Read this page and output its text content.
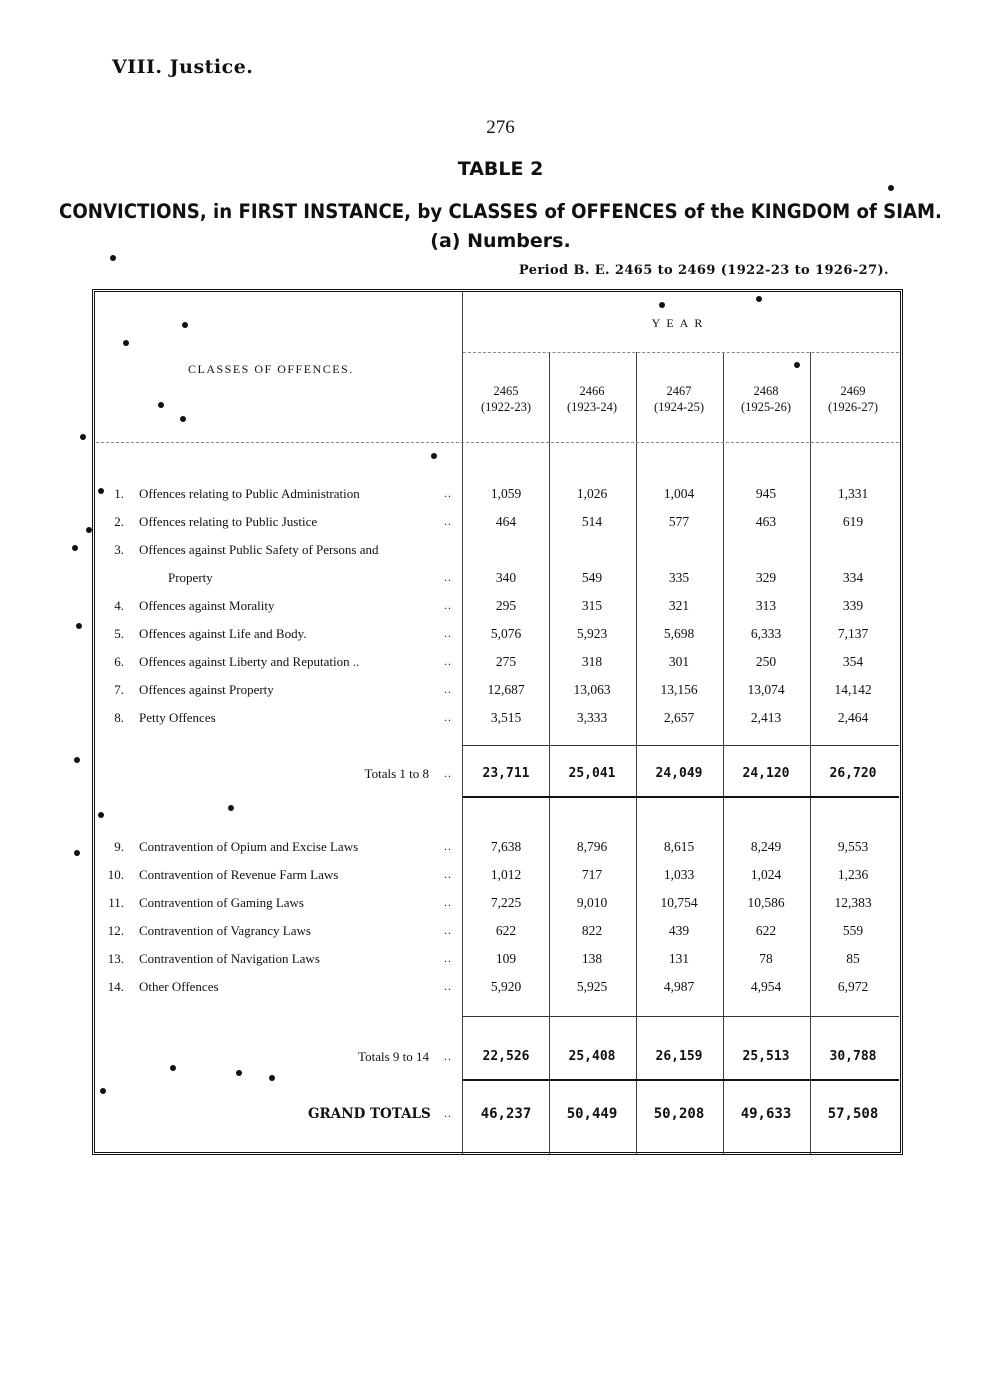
VIII. Justice.
276
TABLE 2
CONVICTIONS, in FIRST INSTANCE, by CLASSES of OFFENCES of the KINGDOM of SIAM.
(a) Numbers.
Period B. E. 2465 to 2469 (1922-23 to 1926-27).
YEAR
CLASSES OF OFFENCES.
2465
(1922-23)
2466
(1923-24)
2467
(1924-25)
2468
(1925-26)
2469
(1926-27)
1. Offences relating to Public Administration	..	1,059	1,026	1,004	945	1,331
2. Offences relating to Public Justice	..	464	514	577	463	619
3. Offences against Public Safety of Persons and
Property	..	340	549	335	329	334
4. Offences against Morality	..	295	315	321	313	339
5. Offences against Life and Body.	..	5,076	5,923	5,698	6,333	7,137
6. Offences against Liberty and Reputation ..	..	275	318	301	250	354
7. Offences against Property	..	12,687	13,063	13,156	13,074	14,142
8. Petty Offences	..	3,515	3,333	2,657	2,413	2,464
Totals 1 to 8 ..	23,711	25,041	24,049	24,120	26,720
9. Contravention of Opium and Excise Laws	..	7,638	8,796	8,615	8,249	9,553
10. Contravention of Revenue Farm Laws	..	1,012	717	1,033	1,024	1,236
11. Contravention of Gaming Laws	..	7,225	9,010	10,754	10,586	12,383
12. Contravention of Vagrancy Laws	..	622	822	439	622	559
13. Contravention of Navigation Laws	..	109	138	131	78	85
14. Other Offences	..	5,920	5,925	4,987	4,954	6,972
Totals 9 to 14 ..	22,526	25,408	26,159	25,513	30,788
GRAND TOTALS ..	46,237	50,449	50,208	49,633	57,508
